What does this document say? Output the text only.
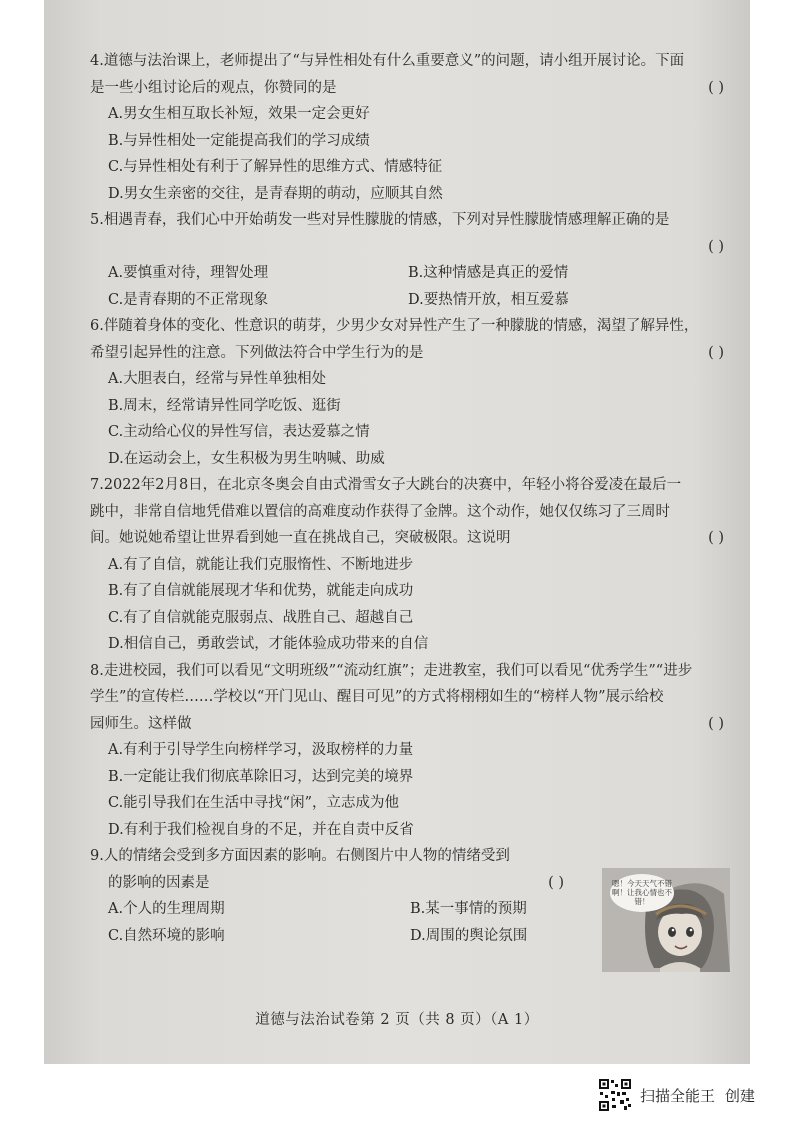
4.道德与法治课上，老师提出了“与异性相处有什么重要意义”的问题，请小组开展讨论。下面
是一些小组讨论后的观点，你赞同的是	( )
A.男女生相互取长补短，效果一定会更好
B.与异性相处一定能提高我们的学习成绩
C.与异性相处有利于了解异性的思维方式、情感特征
D.男女生亲密的交往，是青春期的萌动，应顺其自然
5.相遇青春，我们心中开始萌发一些对异性朦胧的情感，下列对异性朦胧情感理解正确的是

( )
A.要慎重对待，理智处理	B.这种情感是真正的爱情
C.是青春期的不正常现象	D.要热情开放，相互爱慕
6.伴随着身体的变化、性意识的萌芽，少男少女对异性产生了一种朦胧的情感，渴望了解异性，
希望引起异性的注意。下列做法符合中学生行为的是	( )
A.大胆表白，经常与异性单独相处
B.周末，经常请异性同学吃饭、逛街
C.主动给心仪的异性写信，表达爱慕之情
D.在运动会上，女生积极为男生呐喊、助威
7.2022年2月8日，在北京冬奥会自由式滑雪女子大跳台的决赛中，年轻小将谷爱凌在最后一
跳中，非常自信地凭借难以置信的高难度动作获得了金牌。这个动作，她仅仅练习了三周时
间。她说她希望让世界看到她一直在挑战自己，突破极限。这说明	( )
A.有了自信，就能让我们克服惰性、不断地进步
B.有了自信就能展现才华和优势，就能走向成功
C.有了自信就能克服弱点、战胜自己、超越自己
D.相信自己，勇敢尝试，才能体验成功带来的自信
8.走进校园，我们可以看见“文明班级”“流动红旗”；走进教室，我们可以看见“优秀学生”“进步
学生”的宣传栏……学校以“开门见山、醒目可见”的方式将栩栩如生的“榜样人物”展示给校
园师生。这样做	( )
A.有利于引导学生向榜样学习，汲取榜样的力量
B.一定能让我们彻底革除旧习，达到完美的境界
C.能引导我们在生活中寻找“闲”，立志成为他
D.有利于我们检视自身的不足，并在自责中反省
9.人的情绪会受到多方面因素的影响。右侧图片中人物的情绪受到
的影响的因素是	( )
A.个人的生理周期	B.某一事情的预期
C.自然环境的影响	D.周围的舆论氛围
道德与法治试卷第 2 页（共 8 页）（A 1）
嗯！今天天气不错啊！让我心情也不错！
扫描全能王 创建
